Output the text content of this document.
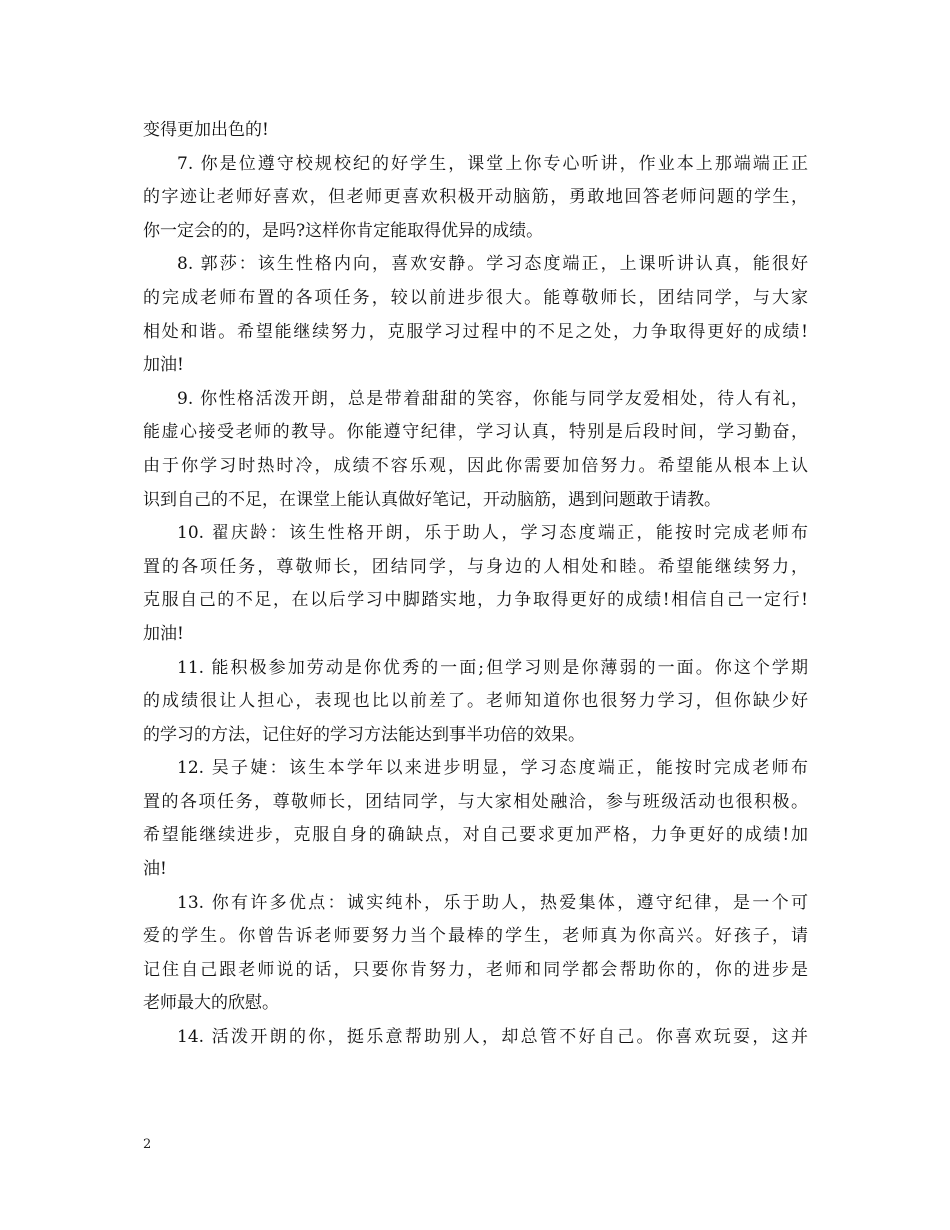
变得更加出色的!
7. 你是位遵守校规校纪的好学生，课堂上你专心听讲，作业本上那端端正正
的字迹让老师好喜欢，但老师更喜欢积极开动脑筋，勇敢地回答老师问题的学生，
你一定会的的，是吗?这样你肯定能取得优异的成绩。
8. 郭莎：该生性格内向，喜欢安静。学习态度端正，上课听讲认真，能很好
的完成老师布置的各项任务，较以前进步很大。能尊敬师长，团结同学，与大家
相处和谐。希望能继续努力，克服学习过程中的不足之处，力争取得更好的成绩!
加油!
9. 你性格活泼开朗，总是带着甜甜的笑容，你能与同学友爱相处，待人有礼，
能虚心接受老师的教导。你能遵守纪律，学习认真，特别是后段时间，学习勤奋，
由于你学习时热时冷，成绩不容乐观，因此你需要加倍努力。希望能从根本上认
识到自己的不足，在课堂上能认真做好笔记，开动脑筋，遇到问题敢于请教。
10. 翟庆龄：该生性格开朗，乐于助人，学习态度端正，能按时完成老师布
置的各项任务，尊敬师长，团结同学，与身边的人相处和睦。希望能继续努力，
克服自己的不足，在以后学习中脚踏实地，力争取得更好的成绩!相信自己一定行!
加油!
11. 能积极参加劳动是你优秀的一面;但学习则是你薄弱的一面。你这个学期
的成绩很让人担心，表现也比以前差了。老师知道你也很努力学习，但你缺少好
的学习的方法，记住好的学习方法能达到事半功倍的效果。
12. 吴子婕：该生本学年以来进步明显，学习态度端正，能按时完成老师布
置的各项任务，尊敬师长，团结同学，与大家相处融洽，参与班级活动也很积极。
希望能继续进步，克服自身的确缺点，对自己要求更加严格，力争更好的成绩!加
油!
13. 你有许多优点：诚实纯朴，乐于助人，热爱集体，遵守纪律，是一个可
爱的学生。你曾告诉老师要努力当个最棒的学生，老师真为你高兴。好孩子，请
记住自己跟老师说的话，只要你肯努力，老师和同学都会帮助你的，你的进步是
老师最大的欣慰。
14. 活泼开朗的你，挺乐意帮助别人，却总管不好自己。你喜欢玩耍，这并
2
